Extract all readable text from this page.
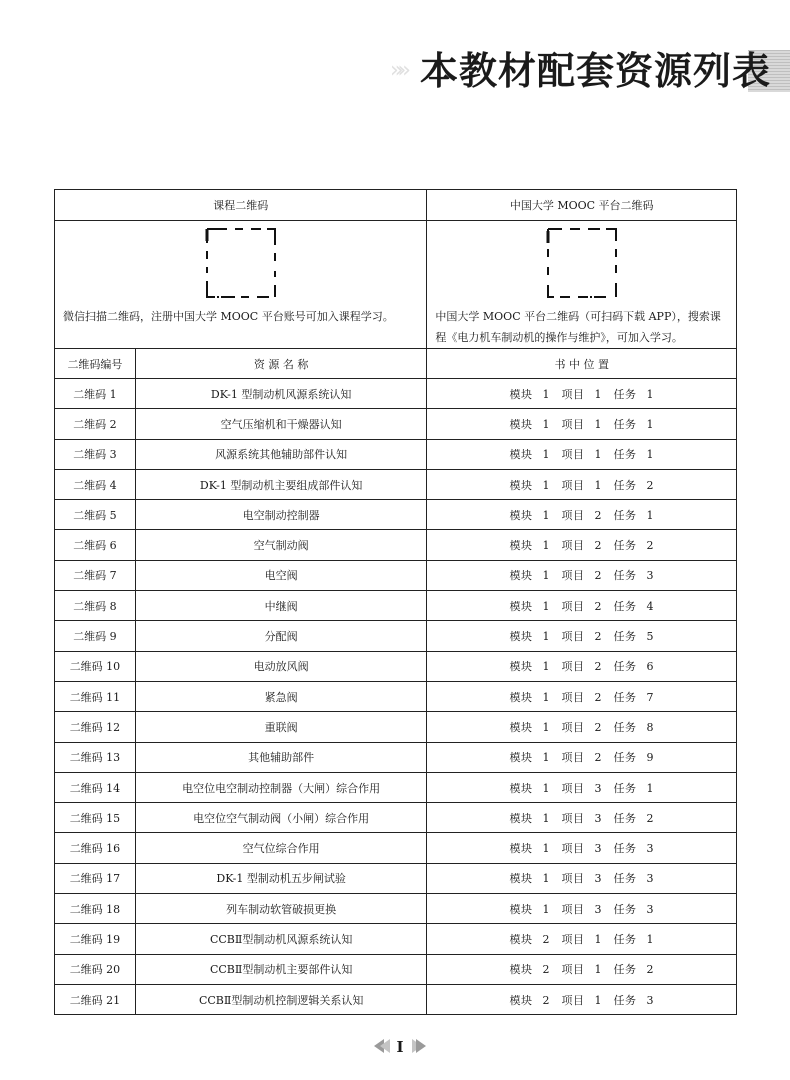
»» 本教材配套资源列表
课程二维码		中国大学 MOOC 平台二维码

微信扫描二维码，注册中国大学 MOOC 平台账号可加入课程学习。		中国大学 MOOC 平台二维码（可扫码下载 APP），搜索课程《电力机车制动机的操作与维护》，可加入学习。

二维码编号	资 源 名 称	书 中 位 置
二维码 1	DK-1 型制动机风源系统认知	模块 1　项目 1　任务 1
二维码 2	空气压缩机和干燥器认知	模块 1　项目 1　任务 1
二维码 3	风源系统其他辅助部件认知	模块 1　项目 1　任务 1
二维码 4	DK-1 型制动机主要组成部件认知	模块 1　项目 1　任务 2
二维码 5	电空制动控制器	模块 1　项目 2　任务 1
二维码 6	空气制动阀	模块 1　项目 2　任务 2
二维码 7	电空阀	模块 1　项目 2　任务 3
二维码 8	中继阀	模块 1　项目 2　任务 4
二维码 9	分配阀	模块 1　项目 2　任务 5
二维码 10	电动放风阀	模块 1　项目 2　任务 6
二维码 11	紧急阀	模块 1　项目 2　任务 7
二维码 12	重联阀	模块 1　项目 2　任务 8
二维码 13	其他辅助部件	模块 1　项目 2　任务 9
二维码 14	电空位电空制动控制器（大闸）综合作用	模块 1　项目 3　任务 1
二维码 15	电空位空气制动阀（小闸）综合作用	模块 1　项目 3　任务 2
二维码 16	空气位综合作用	模块 1　项目 3　任务 3
二维码 17	DK-1 型制动机五步闸试验	模块 1　项目 3　任务 3
二维码 18	列车制动软管破损更换	模块 1　项目 3　任务 3
二维码 19	CCBⅡ型制动机风源系统认知	模块 2　项目 1　任务 1
二维码 20	CCBⅡ型制动机主要部件认知	模块 2　项目 1　任务 2
二维码 21	CCBⅡ型制动机控制逻辑关系认知	模块 2　项目 1　任务 3
Ⅰ
